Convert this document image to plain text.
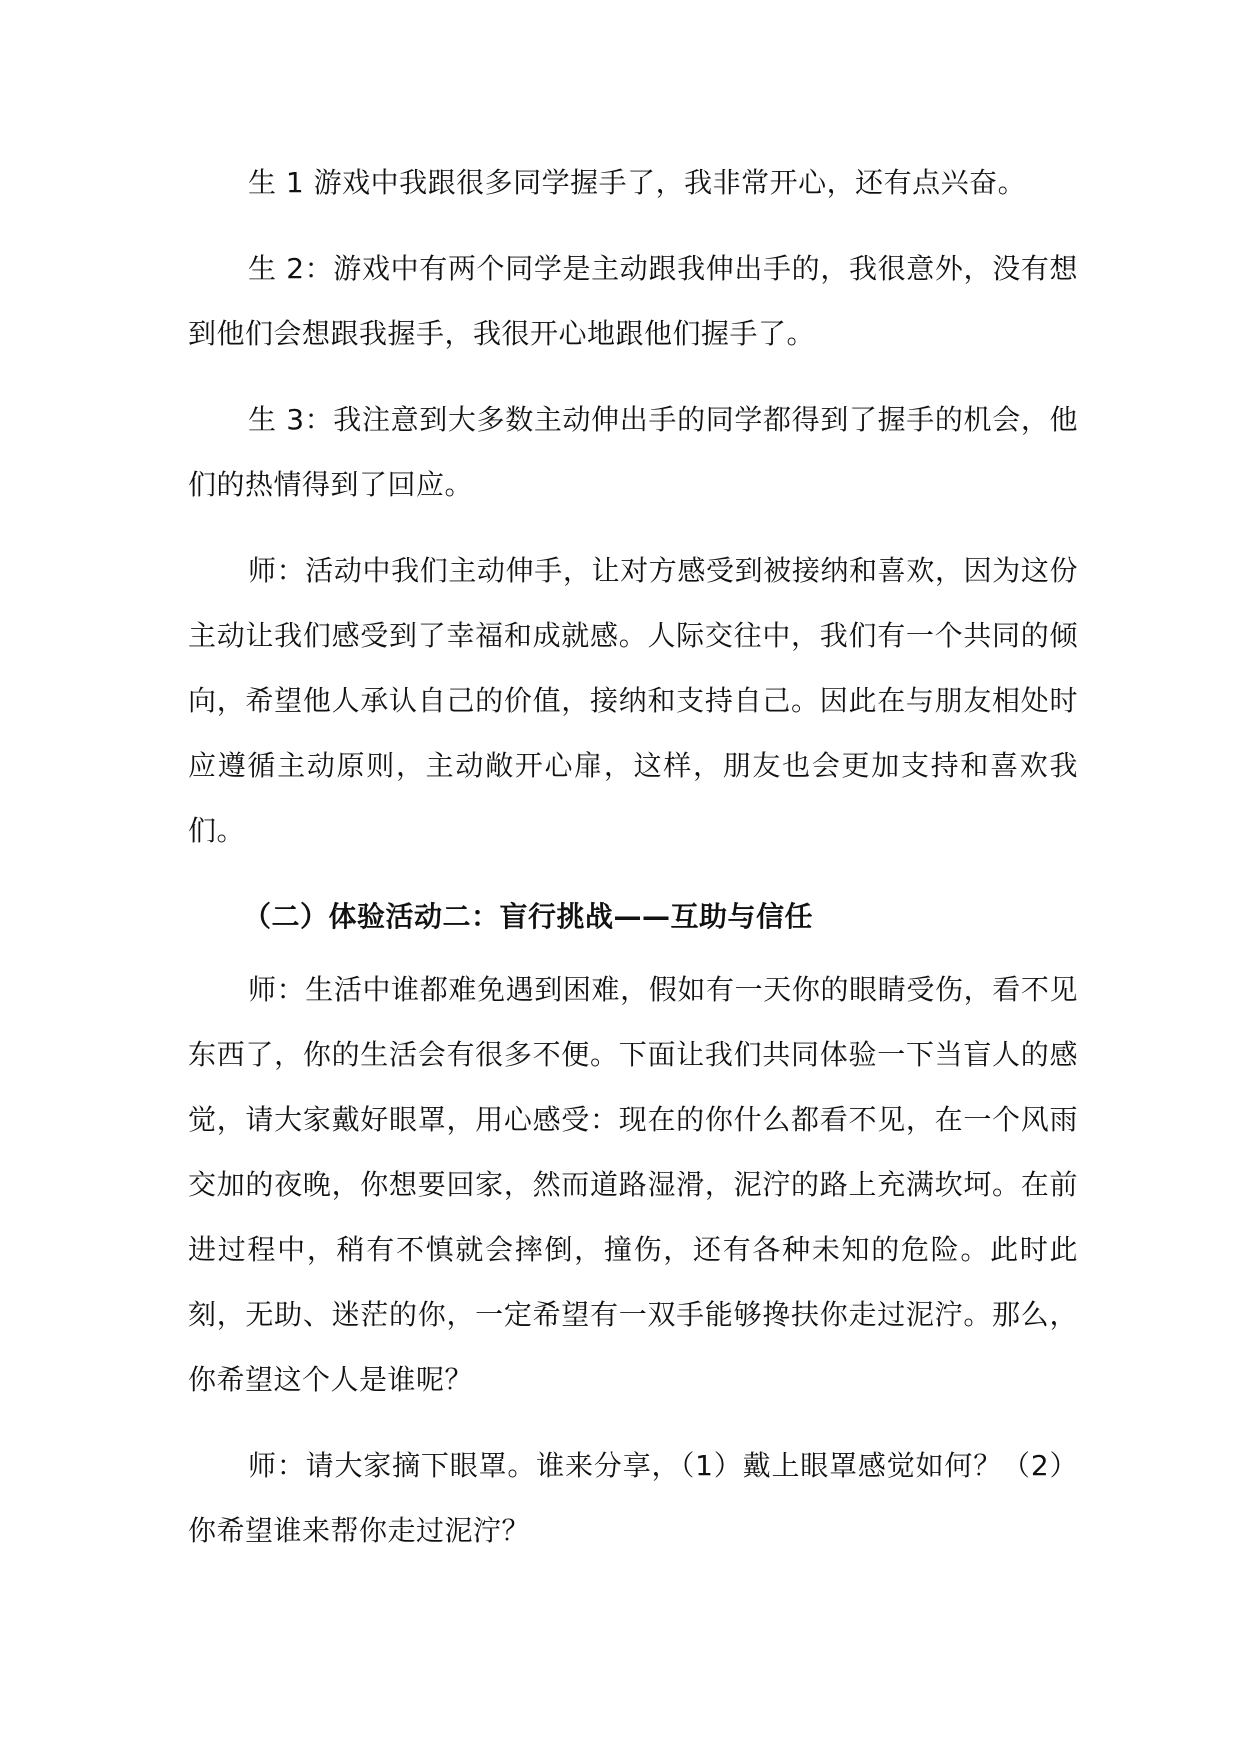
生 1 游戏中我跟很多同学握手了，我非常开心，还有点兴奋。

生 2：游戏中有两个同学是主动跟我伸出手的，我很意外，没有想到他们会想跟我握手，我很开心地跟他们握手了。

生 3：我注意到大多数主动伸出手的同学都得到了握手的机会，他们的热情得到了回应。

师：活动中我们主动伸手，让对方感受到被接纳和喜欢，因为这份主动让我们感受到了幸福和成就感。人际交往中，我们有一个共同的倾向，希望他人承认自己的价值，接纳和支持自己。因此在与朋友相处时应遵循主动原则，主动敞开心扉，这样，朋友也会更加支持和喜欢我们。

（二）体验活动二：盲行挑战——互助与信任

师：生活中谁都难免遇到困难，假如有一天你的眼睛受伤，看不见东西了，你的生活会有很多不便。下面让我们共同体验一下当盲人的感觉，请大家戴好眼罩，用心感受：现在的你什么都看不见，在一个风雨交加的夜晚，你想要回家，然而道路湿滑，泥泞的路上充满坎坷。在前进过程中，稍有不慎就会摔倒，撞伤，还有各种未知的危险。此时此刻，无助、迷茫的你，一定希望有一双手能够搀扶你走过泥泞。那么，你希望这个人是谁呢？

师：请大家摘下眼罩。谁来分享，（1）戴上眼罩感觉如何？（2）你希望谁来帮你走过泥泞？
